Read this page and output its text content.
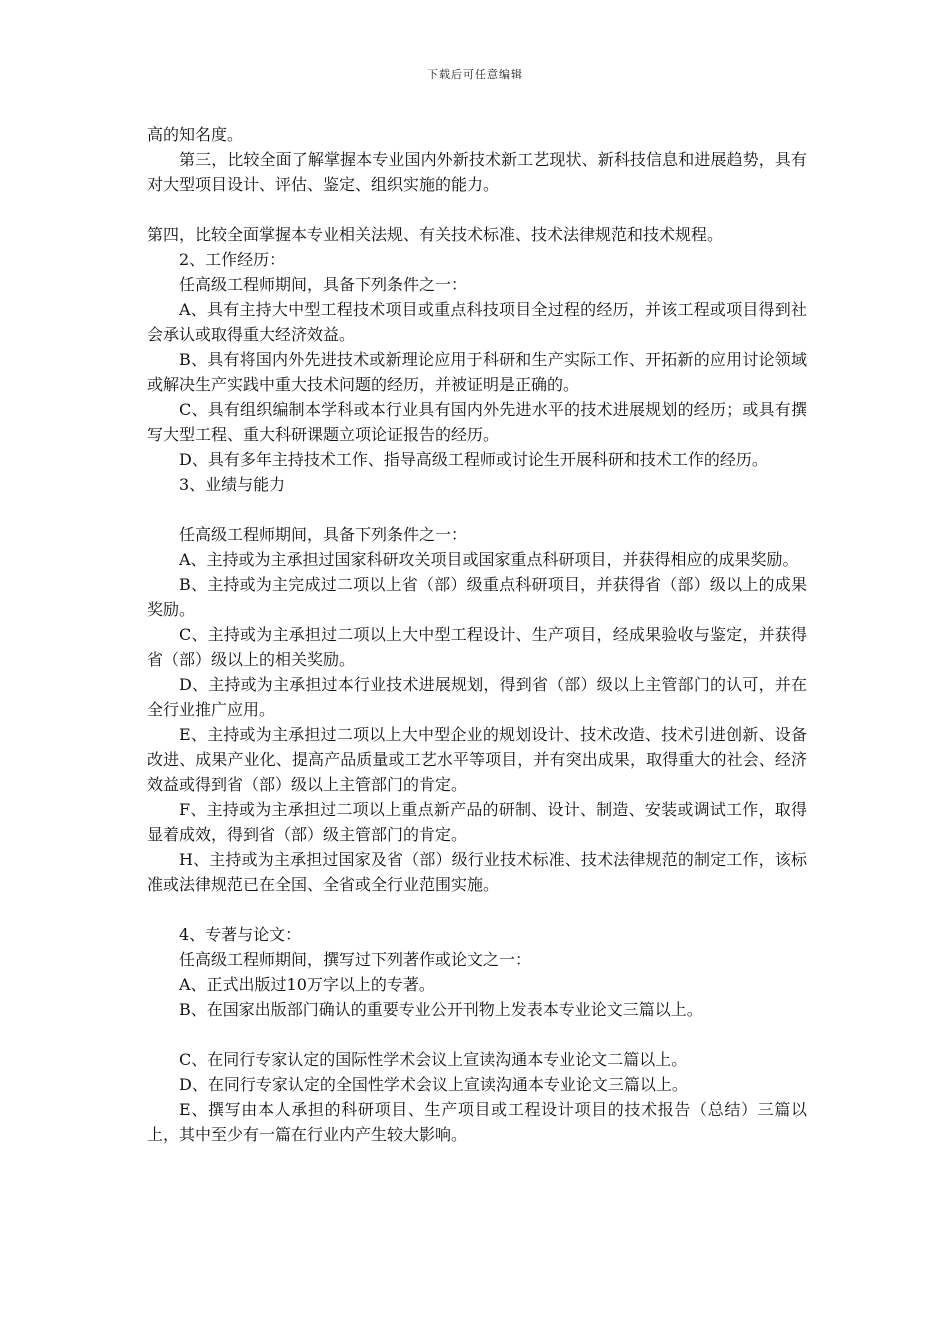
下载后可任意编辑

高的知名度。

第三，比较全面了解掌握本专业国内外新技术新工艺现状、新科技信息和进展趋势，具有对大型项目设计、评估、鉴定、组织实施的能力。

第四，比较全面掌握本专业相关法规、有关技术标准、技术法律规范和技术规程。

2、工作经历：

任高级工程师期间，具备下列条件之一：

A、具有主持大中型工程技术项目或重点科技项目全过程的经历，并该工程或项目得到社会承认或取得重大经济效益。

B、具有将国内外先进技术或新理论应用于科研和生产实际工作、开拓新的应用讨论领域或解决生产实践中重大技术问题的经历，并被证明是正确的。

C、具有组织编制本学科或本行业具有国内外先进水平的技术进展规划的经历；或具有撰写大型工程、重大科研课题立项论证报告的经历。

D、具有多年主持技术工作、指导高级工程师或讨论生开展科研和技术工作的经历。

3、业绩与能力

任高级工程师期间，具备下列条件之一：

A、主持或为主承担过国家科研攻关项目或国家重点科研项目，并获得相应的成果奖励。

B、主持或为主完成过二项以上省（部）级重点科研项目，并获得省（部）级以上的成果奖励。

C、主持或为主承担过二项以上大中型工程设计、生产项目，经成果验收与鉴定，并获得省（部）级以上的相关奖励。

D、主持或为主承担过本行业技术进展规划，得到省（部）级以上主管部门的认可，并在全行业推广应用。

E、主持或为主承担过二项以上大中型企业的规划设计、技术改造、技术引进创新、设备改进、成果产业化、提高产品质量或工艺水平等项目，并有突出成果，取得重大的社会、经济效益或得到省（部）级以上主管部门的肯定。

F、主持或为主承担过二项以上重点新产品的研制、设计、制造、安装或调试工作，取得显着成效，得到省（部）级主管部门的肯定。

H、主持或为主承担过国家及省（部）级行业技术标准、技术法律规范的制定工作，该标准或法律规范已在全国、全省或全行业范围实施。

4、专著与论文：

任高级工程师期间，撰写过下列著作或论文之一：

A、正式出版过10万字以上的专著。

B、在国家出版部门确认的重要专业公开刊物上发表本专业论文三篇以上。

C、在同行专家认定的国际性学术会议上宣读沟通本专业论文二篇以上。

D、在同行专家认定的全国性学术会议上宣读沟通本专业论文三篇以上。

E、撰写由本人承担的科研项目、生产项目或工程设计项目的技术报告（总结）三篇以上，其中至少有一篇在行业内产生较大影响。
